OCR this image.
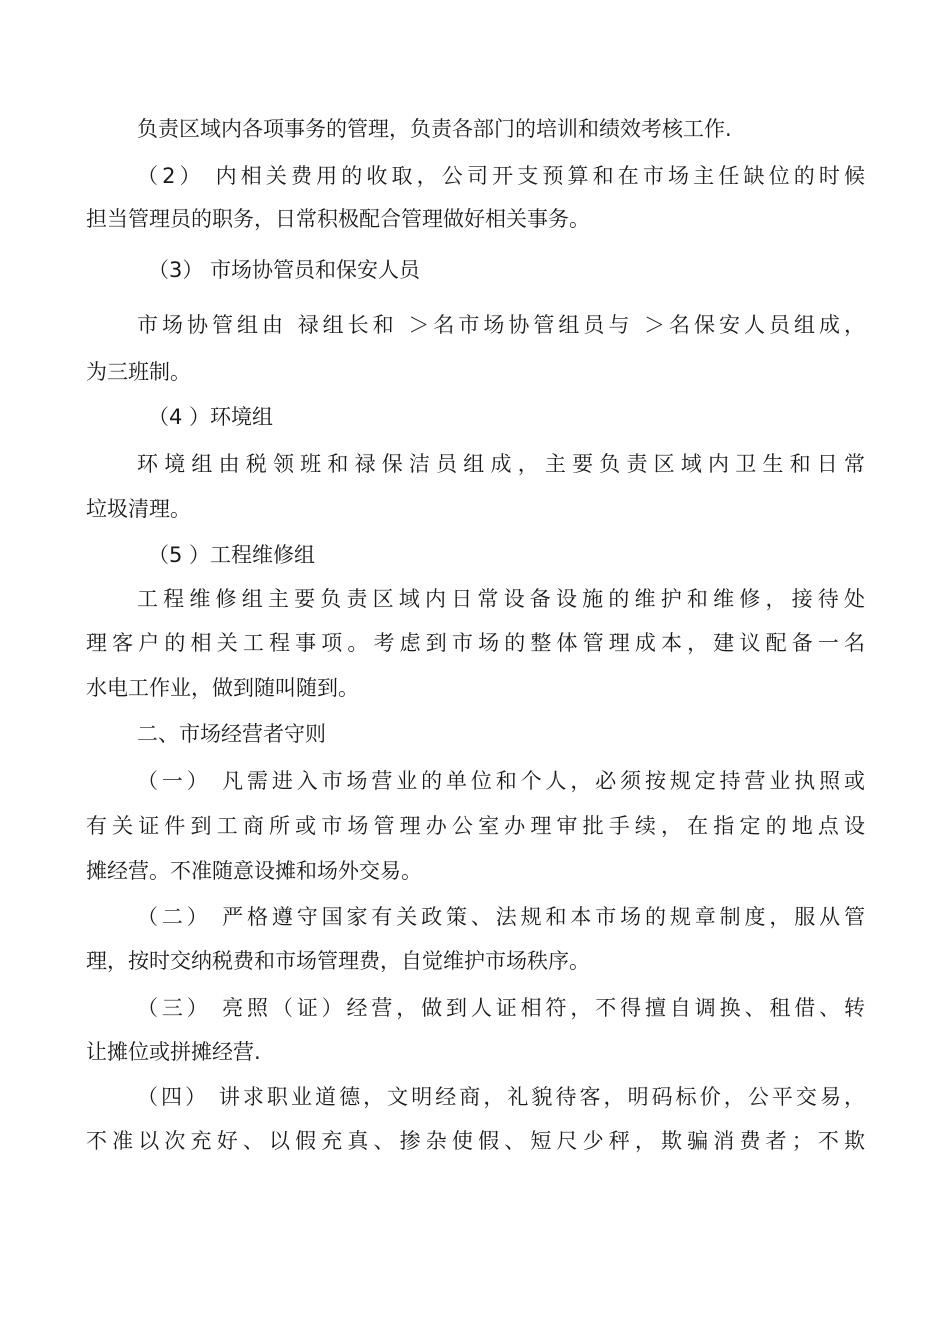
负责区域内各项事务的管理，负责各部门的培训和绩效考核工作.

（2） 内相关费用的收取，公司开支预算和在市场主任缺位的时候

担当管理员的职务，日常积极配合管理做好相关事务。

（3） 市场协管员和保安人员

市场协管组由 禄组长和 ＞名市场协管组员与 ＞名保安人员组成，

为三班制。

（4 ）环境组

环境组由税领班和禄保洁员组成，主要负责区域内卫生和日常

垃圾清理。

（5 ）工程维修组

工程维修组主要负责区域内日常设备设施的维护和维修，接待处

理客户的相关工程事项。考虑到市场的整体管理成本，建议配备一名

水电工作业，做到随叫随到。

二、市场经营者守则

（一） 凡需进入市场营业的单位和个人，必须按规定持营业执照或

有关证件到工商所或市场管理办公室办理审批手续，在指定的地点设

摊经营。不准随意设摊和场外交易。

（二） 严格遵守国家有关政策、法规和本市场的规章制度，服从管

理，按时交纳税费和市场管理费，自觉维护市场秩序。

（三） 亮照（证）经营，做到人证相符，不得擅自调换、租借、转

让摊位或拼摊经营.

（四） 讲求职业道德，文明经商，礼貌待客，明码标价，公平交易，

不准以次充好、以假充真、掺杂使假、短尺少秤，欺骗消费者；不欺
